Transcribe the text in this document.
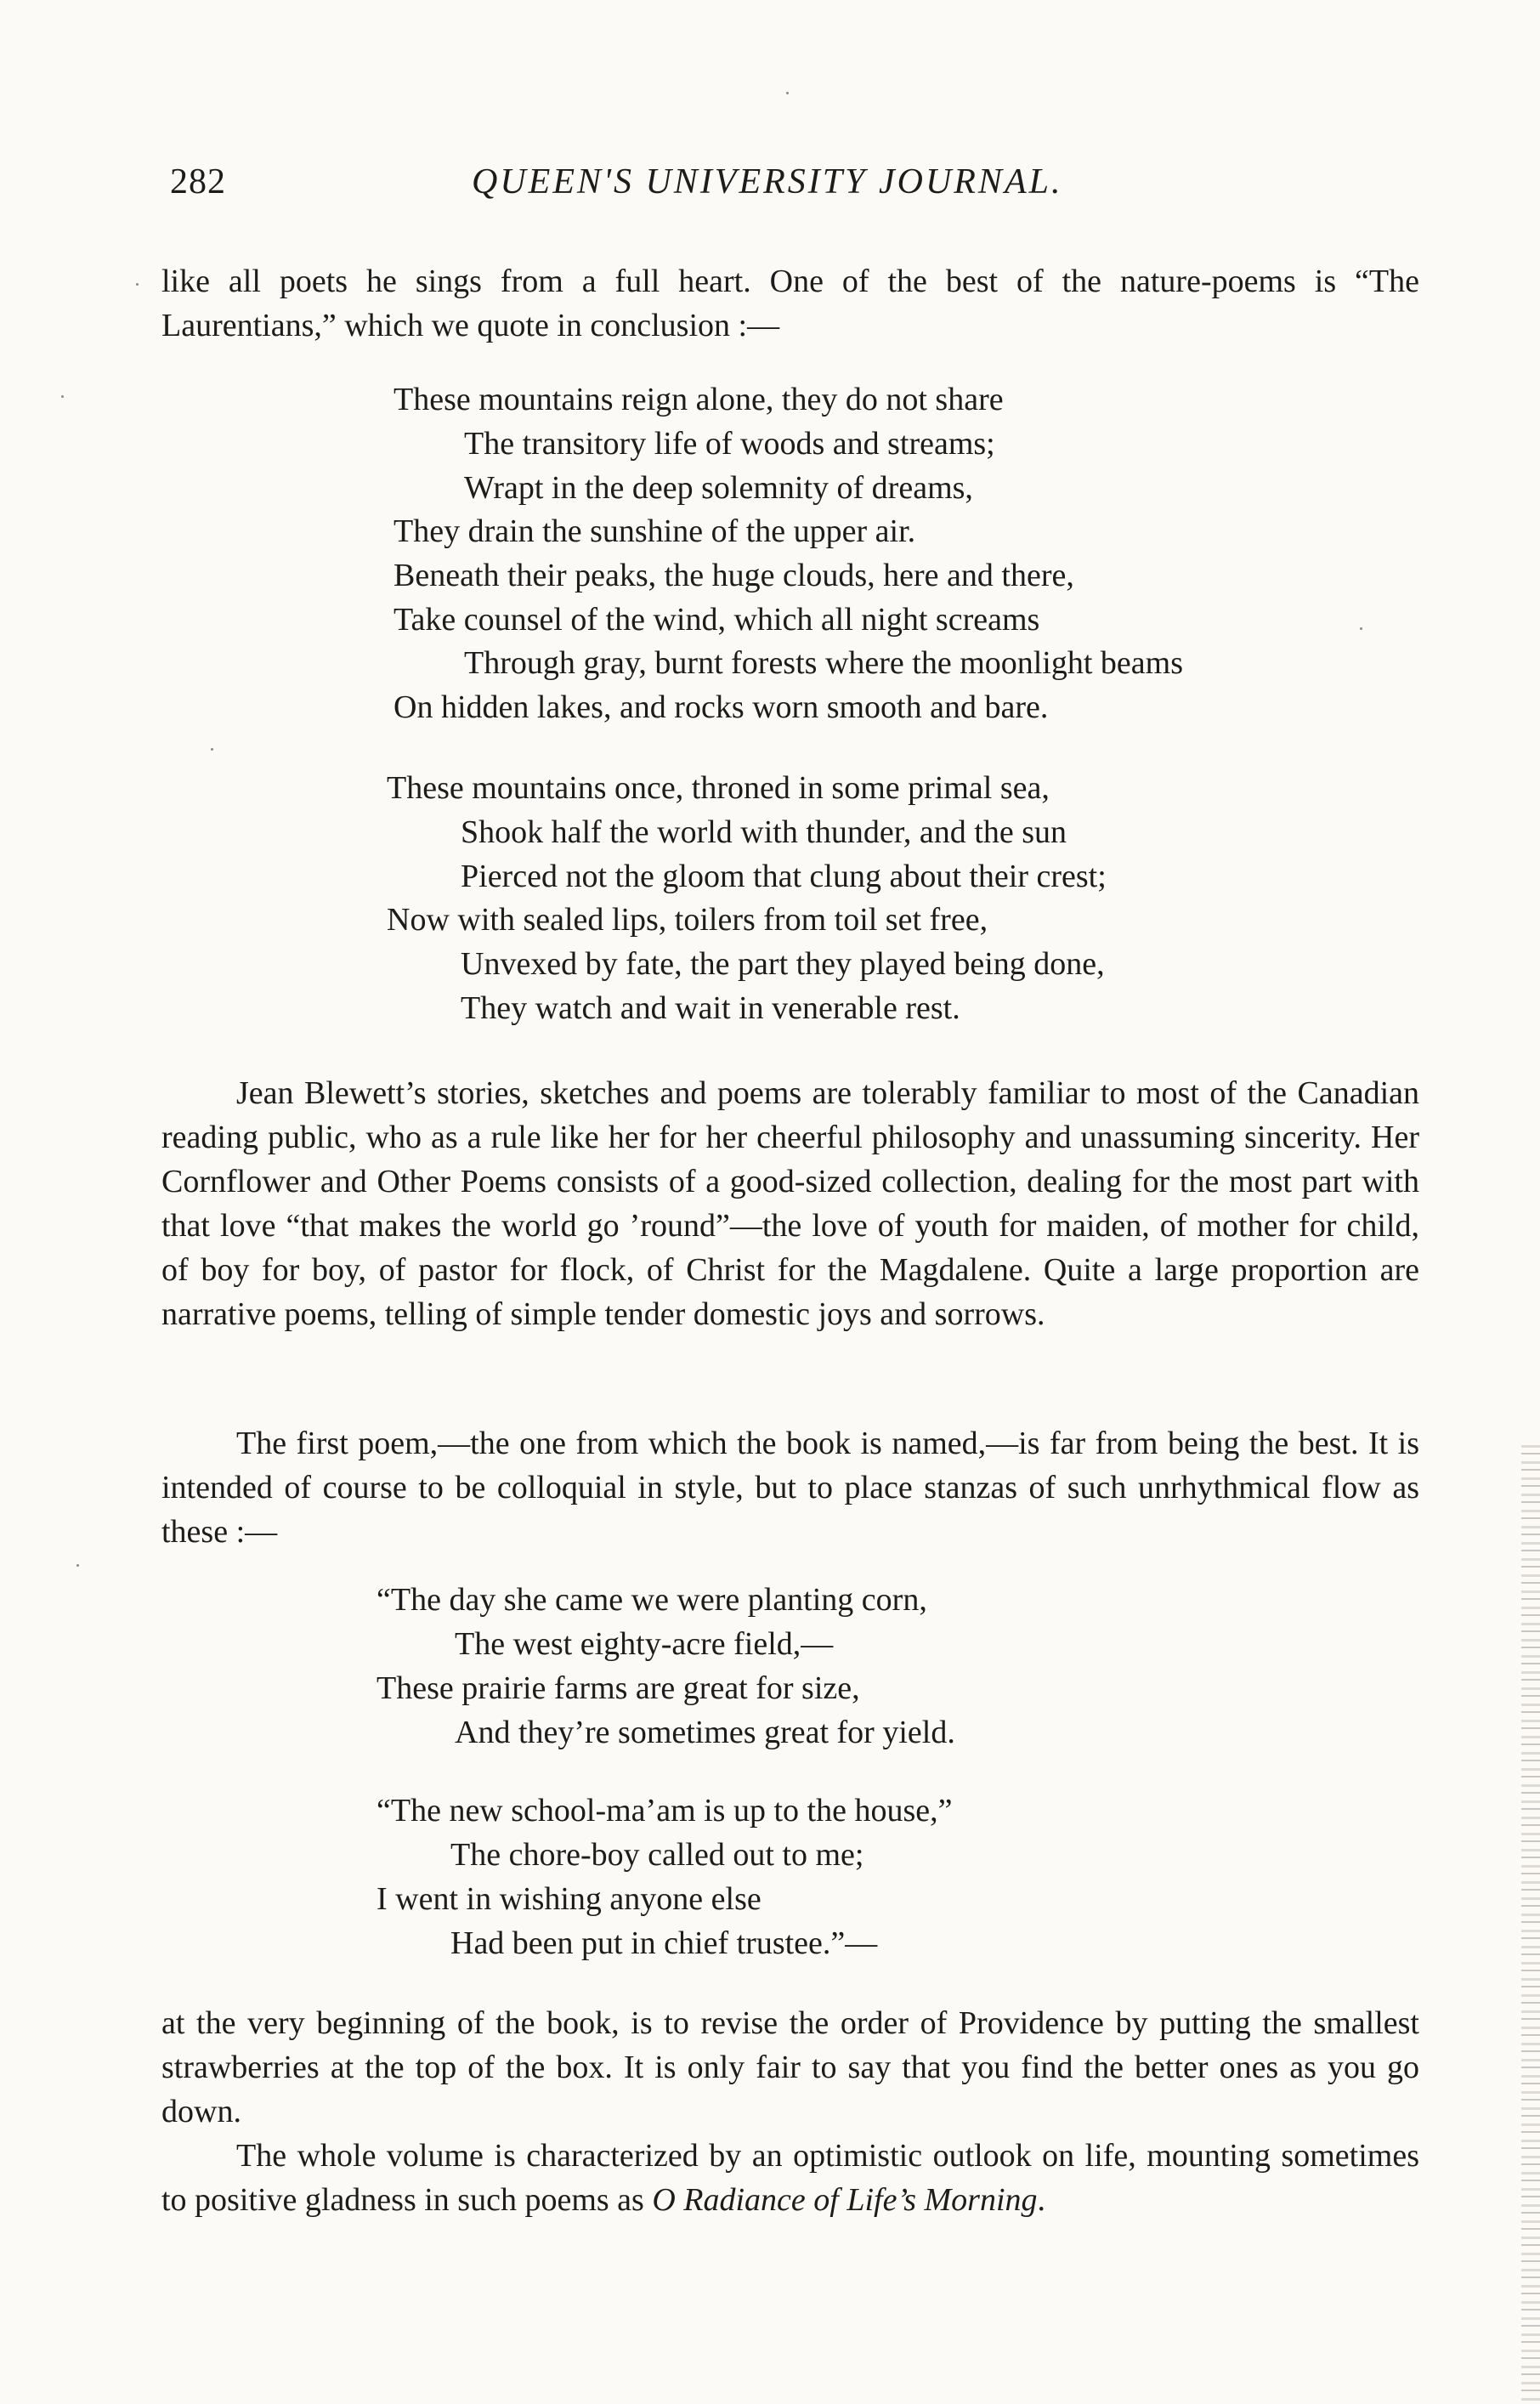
282	QUEEN'S UNIVERSITY JOURNAL.

like all poets he sings from a full heart. One of the best of the nature-poems is “The Laurentians,” which we quote in conclusion :—

These mountains reign alone, they do not share
The transitory life of woods and streams;
Wrapt in the deep solemnity of dreams,
They drain the sunshine of the upper air.
Beneath their peaks, the huge clouds, here and there,
Take counsel of the wind, which all night screams
Through gray, burnt forests where the moonlight beams
On hidden lakes, and rocks worn smooth and bare.
These mountains once, throned in some primal sea,
Shook half the world with thunder, and the sun
Pierced not the gloom that clung about their crest;
Now with sealed lips, toilers from toil set free,
Unvexed by fate, the part they played being done,
They watch and wait in venerable rest.

Jean Blewett’s stories, sketches and poems are tolerably familiar to most of the Canadian reading public, who as a rule like her for her cheerful philosophy and unassuming sincerity. Her Cornflower and Other Poems consists of a good-sized collection, dealing for the most part with that love “that makes the world go ’round”—the love of youth for maiden, of mother for child, of boy for boy, of pastor for flock, of Christ for the Magdalene. Quite a large proportion are narrative poems, telling of simple tender domestic joys and sorrows.

The first poem,—the one from which the book is named,—is far from being the best. It is intended of course to be colloquial in style, but to place stanzas of such unrhythmical flow as these :—

“The day she came we were planting corn,
The west eighty-acre field,—
These prairie farms are great for size,
And they’re sometimes great for yield.
“The new school-ma’am is up to the house,”
The chore-boy called out to me;
I went in wishing anyone else
Had been put in chief trustee.”—

at the very beginning of the book, is to revise the order of Providence by putting the smallest strawberries at the top of the box. It is only fair to say that you find the better ones as you go down.

The whole volume is characterized by an optimistic outlook on life, mounting sometimes to positive gladness in such poems as O Radiance of Life’s Morning.
